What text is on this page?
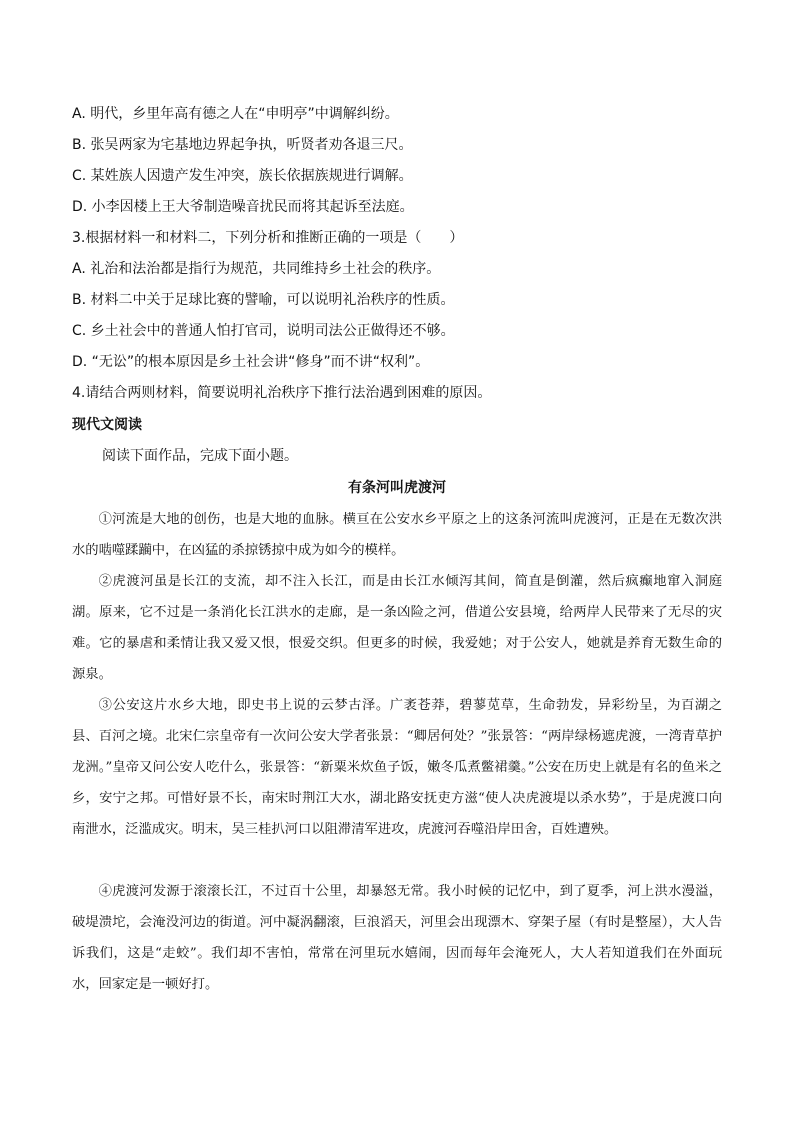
A. 明代，乡里年高有德之人在“申明亭”中调解纠纷。
B. 张吴两家为宅基地边界起争执，听贤者劝各退三尺。
C. 某姓族人因遗产发生冲突，族长依据族规进行调解。
D. 小李因楼上王大爷制造噪音扰民而将其起诉至法庭。
3.根据材料一和材料二，下列分析和推断正确的一项是（　　）
A. 礼治和法治都是指行为规范，共同维持乡土社会的秩序。
B. 材料二中关于足球比赛的譬喻，可以说明礼治秩序的性质。
C. 乡土社会中的普通人怕打官司，说明司法公正做得还不够。
D. “无讼”的根本原因是乡土社会讲“修身”而不讲“权利”。
4.请结合两则材料，简要说明礼治秩序下推行法治遇到困难的原因。
现代文阅读
阅读下面作品，完成下面小题。
有条河叫虎渡河
①河流是大地的创伤，也是大地的血脉。横亘在公安水乡平原之上的这条河流叫虎渡河，正是在无数次洪水的啮噬蹂躏中，在凶猛的杀掠锈掠中成为如今的模样。
②虎渡河虽是长江的支流，却不注入长江，而是由长江水倾泻其间，简直是倒灌，然后疯癫地窜入洞庭湖。原来，它不过是一条消化长江洪水的走廊，是一条凶险之河，借道公安县境，给两岸人民带来了无尽的灾难。它的暴虐和柔情让我又爱又恨，恨爱交织。但更多的时候，我爱她；对于公安人，她就是养育无数生命的源泉。
③公安这片水乡大地，即史书上说的云梦古泽。广袤苍莽，碧蓼苋草，生命勃发，异彩纷呈，为百湖之县、百河之境。北宋仁宗皇帝有一次问公安大学者张景：“卿居何处？”张景答：“两岸绿杨遮虎渡，一湾青草护龙洲。”皇帝又问公安人吃什么，张景答：“新粟米炊鱼子饭，嫩冬瓜煮鳖裙羹。”公安在历史上就是有名的鱼米之乡，安宁之邦。可惜好景不长，南宋时荆江大水，湖北路安抚吏方滋“使人决虎渡堤以杀水势”，于是虎渡口向南泄水，泛滥成灾。明末，吴三桂扒河口以阻滞清军进攻，虎渡河吞噬沿岸田舍，百姓遭殃。
④虎渡河发源于滚滚长江，不过百十公里，却暴怒无常。我小时候的记忆中，到了夏季，河上洪水漫溢，破堤溃坨，会淹没河边的街道。河中凝涡翻滚，巨浪滔天，河里会出现漂木、穿架子屋（有时是整屋），大人告诉我们，这是“走蛟”。我们却不害怕，常常在河里玩水嬉闹，因而每年会淹死人，大人若知道我们在外面玩水，回家定是一顿好打。
